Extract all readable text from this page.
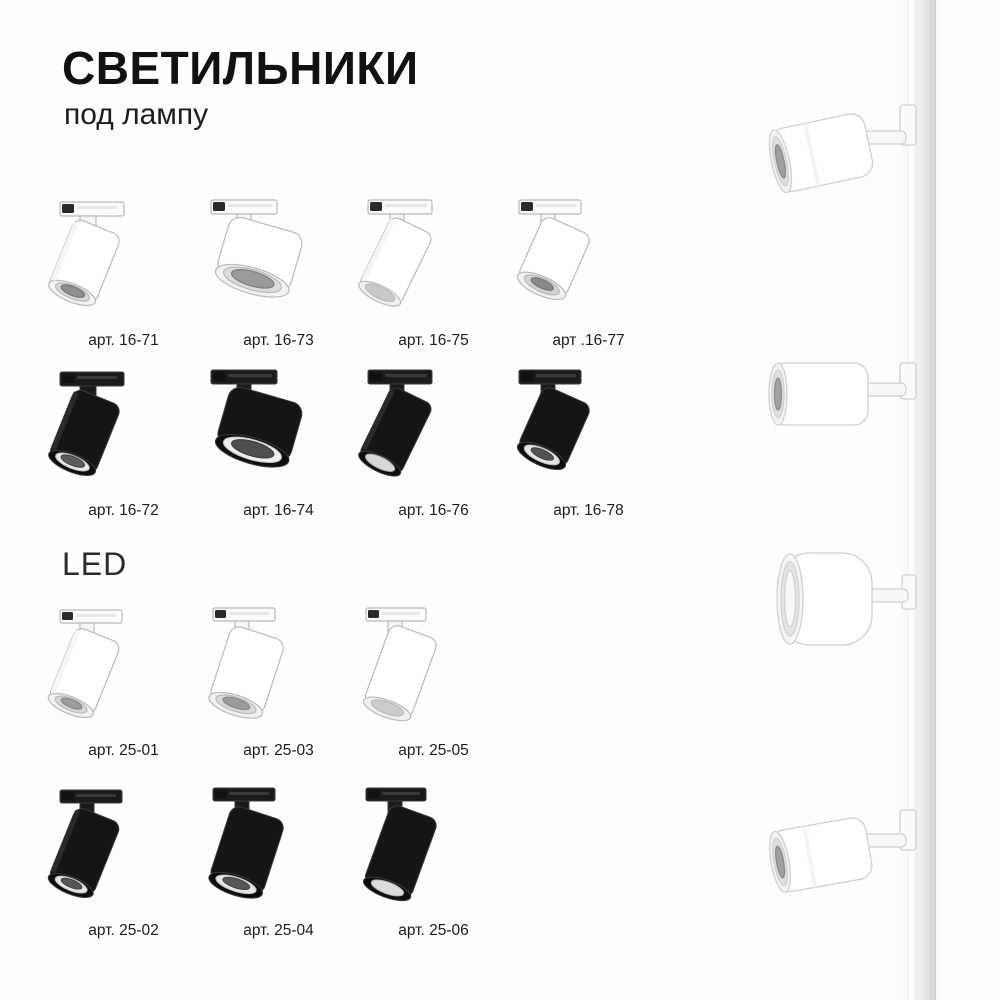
СВЕТИЛЬНИКИ
под лампу
LED
арт. 16-71	арт. 16-73	арт. 16-75	арт .16-77
арт. 16-72	арт. 16-74	арт. 16-76	арт. 16-78
арт. 25-01	арт. 25-03	арт. 25-05
арт. 25-02	арт. 25-04	арт. 25-06
